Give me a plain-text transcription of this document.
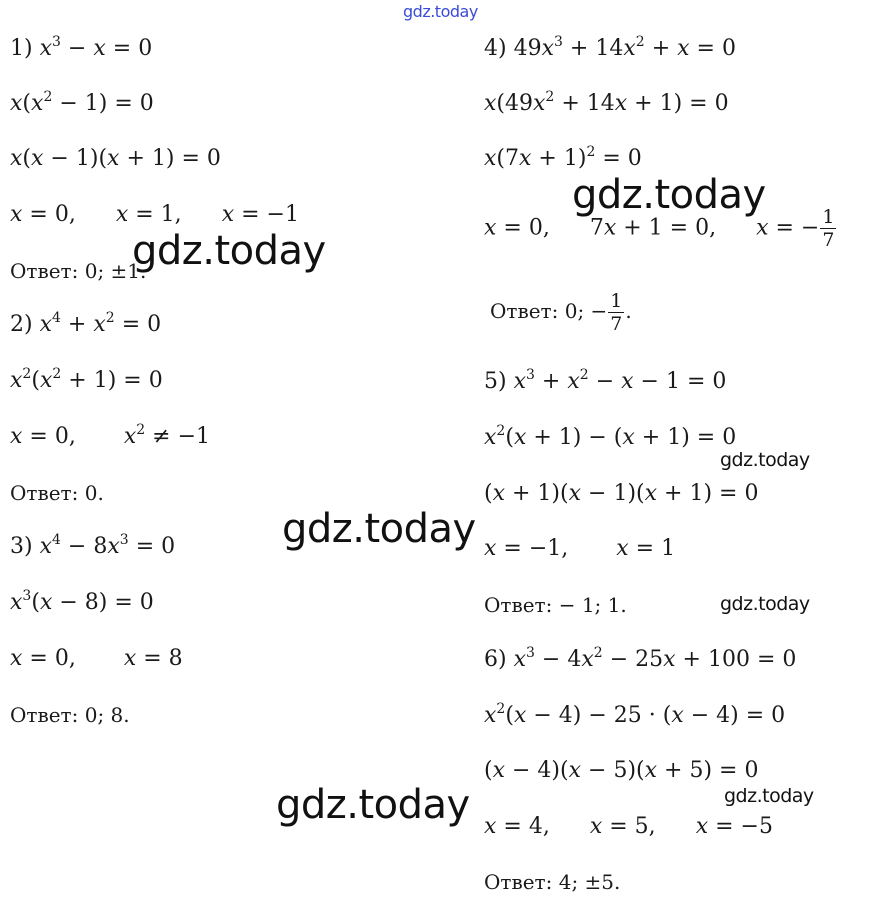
1) $x^3 - x = 0$
$x(x^2 - 1) = 0$
x(x − 1)(x + 1) = 0
x = 0, x = 1, x = −1
Ответ: 0; ±1.
2) $x^4 + x^2 = 0$
$x^2(x^2 + 1) = 0$
x = 0, $x^2 \ne -1$
Ответ: 0.
3) $x^4 - 8x^3 = 0$
$x^3(x - 8) = 0$
x = 0, x = 8
Ответ: 0; 8.
4) $49x^3 + 14x^2 + x = 0$
$x(49x^2 + 14x + 1) = 0$
$x(7x + 1)^2 = 0$
x = 0, 7x + 1 = 0, x = − $\frac{1}{7}$
Ответ: 0; − $\frac{1}{7}$ .
5) $x^3 + x^2 - x - 1 = 0$
$x^2(x + 1) - (x + 1) = 0$
(x + 1)(x − 1)(x + 1) = 0
x = −1, x = 1
Ответ: − 1; 1.
6) $x^3 - 4x^2 - 25x + 100 = 0$
$x^2(x - 4) - 25 \cdot (x - 4) = 0$
(x − 4)(x − 5)(x + 5) = 0
x = 4, x = 5, x = −5
Ответ: 4; ±5.
gdz.today
gdz.today
gdz.today
gdz.today
gdz.today
gdz.today
gdz.today
gdz.today
